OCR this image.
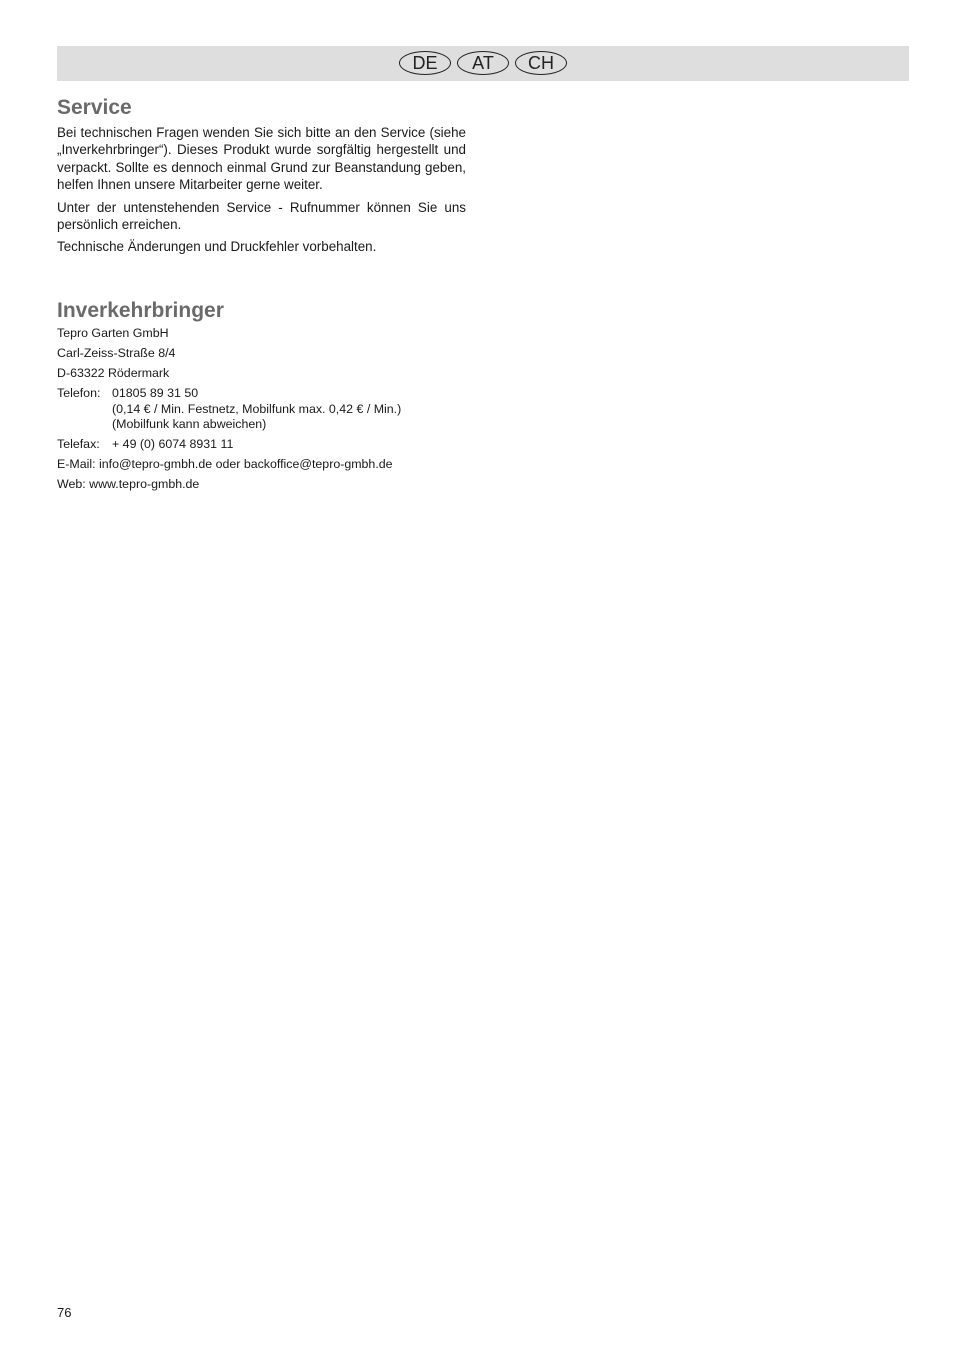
DE	AT	CH
Service

Bei technischen Fragen wenden Sie sich bitte an den Service (siehe „Inverkehrbringer“). Dieses Produkt wurde sorgfältig hergestellt und verpackt. Sollte es dennoch einmal Grund zur Beanstandung geben, helfen Ihnen unsere Mitarbeiter gerne weiter.

Unter der untenstehenden Service - Rufnummer können Sie uns persönlich erreichen.

Technische Änderungen und Druckfehler vorbehalten.

Inverkehrbringer
Tepro Garten GmbH
Carl-Zeiss-Straße 8/4
D-63322 Rödermark
Telefon: 01805 89 31 50
(0,14 € / Min. Festnetz, Mobilfunk max. 0,42 € / Min.)
(Mobilfunk kann abweichen)
Telefax: + 49 (0) 6074 8931 11
E-Mail: info@tepro-gmbh.de oder backoffice@tepro-gmbh.de
Web: www.tepro-gmbh.de
76
